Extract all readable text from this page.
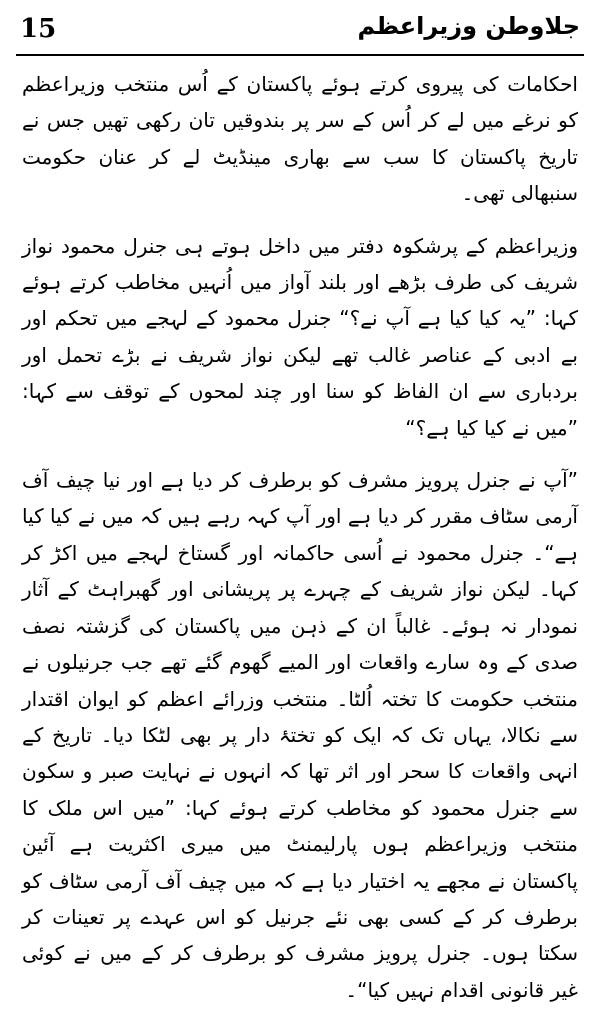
15	جلاوطن وزیراعظم

احکامات کی پیروی کرتے ہوئے پاکستان کے اُس منتخب وزیراعظم کو نرغے میں لے کر اُس کے سر پر بندوقیں تان رکھی تھیں جس نے تاریخ پاکستان کا سب سے بھاری مینڈیٹ لے کر عنان حکومت سنبھالی تھی۔

وزیراعظم کے پرشکوہ دفتر میں داخل ہوتے ہی جنرل محمود نواز شریف کی طرف بڑھے اور بلند آواز میں اُنہیں مخاطب کرتے ہوئے کہا: ”یہ کیا کیا ہے آپ نے؟“ جنرل محمود کے لہجے میں تحکم اور بے ادبی کے عناصر غالب تھے لیکن نواز شریف نے بڑے تحمل اور بردباری سے ان الفاظ کو سنا اور چند لمحوں کے توقف سے کہا: ”میں نے کیا کیا ہے؟“

”آپ نے جنرل پرویز مشرف کو برطرف کر دیا ہے اور نیا چیف آف آرمی سٹاف مقرر کر دیا ہے اور آپ کہہ رہے ہیں کہ میں نے کیا کیا ہے“۔ جنرل محمود نے اُسی حاکمانہ اور گستاخ لہجے میں اکڑ کر کہا۔ لیکن نواز شریف کے چہرے پر پریشانی اور گھبراہٹ کے آثار نمودار نہ ہوئے۔ غالباً ان کے ذہن میں پاکستان کی گزشتہ نصف صدی کے وہ سارے واقعات اور المیے گھوم گئے تھے جب جرنیلوں نے منتخب حکومت کا تختہ اُلٹا۔ منتخب وزرائے اعظم کو ایوان اقتدار سے نکالا، یہاں تک کہ ایک کو تختۂ دار پر بھی لٹکا دیا۔ تاریخ کے انہی واقعات کا سحر اور اثر تھا کہ انہوں نے نہایت صبر و سکون سے جنرل محمود کو مخاطب کرتے ہوئے کہا: ”میں اس ملک کا منتخب وزیراعظم ہوں پارلیمنٹ میں میری اکثریت ہے آئین پاکستان نے مجھے یہ اختیار دیا ہے کہ میں چیف آف آرمی سٹاف کو برطرف کر کے کسی بھی نئے جرنیل کو اس عہدے پر تعینات کر سکتا ہوں۔ جنرل پرویز مشرف کو برطرف کر کے میں نے کوئی غیر قانونی اقدام نہیں کیا“۔
